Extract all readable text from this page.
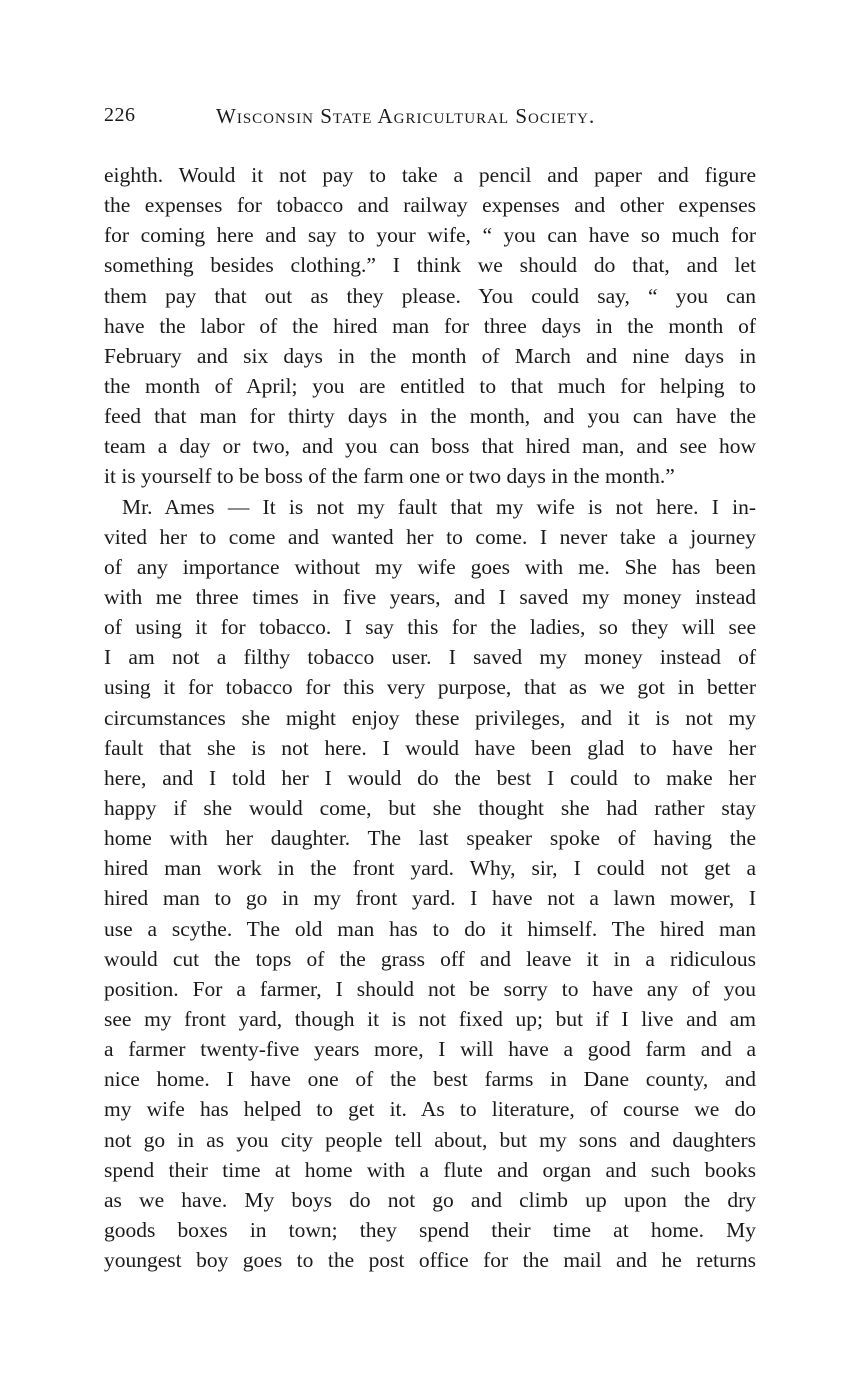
226	Wisconsin State Agricultural Society.
eighth. Would it not pay to take a pencil and paper and figure
the expenses for tobacco and railway expenses and other expenses
for coming here and say to your wife, “ you can have so much for
something besides clothing.” I think we should do that, and let
them pay that out as they please. You could say, “ you can
have the labor of the hired man for three days in the month of
February and six days in the month of March and nine days in
the month of April; you are entitled to that much for helping to
feed that man for thirty days in the month, and you can have the
team a day or two, and you can boss that hired man, and see how
it is yourself to be boss of the farm one or two days in the month.”
Mr. Ames — It is not my fault that my wife is not here. I in-
vited her to come and wanted her to come. I never take a journey
of any importance without my wife goes with me. She has been
with me three times in five years, and I saved my money instead
of using it for tobacco. I say this for the ladies, so they will see
I am not a filthy tobacco user. I saved my money instead of
using it for tobacco for this very purpose, that as we got in better
circumstances she might enjoy these privileges, and it is not my
fault that she is not here. I would have been glad to have her
here, and I told her I would do the best I could to make her
happy if she would come, but she thought she had rather stay
home with her daughter. The last speaker spoke of having the
hired man work in the front yard. Why, sir, I could not get a
hired man to go in my front yard. I have not a lawn mower, I
use a scythe. The old man has to do it himself. The hired man
would cut the tops of the grass off and leave it in a ridiculous
position. For a farmer, I should not be sorry to have any of you
see my front yard, though it is not fixed up; but if I live and am
a farmer twenty-five years more, I will have a good farm and a
nice home. I have one of the best farms in Dane county, and
my wife has helped to get it. As to literature, of course we do
not go in as you city people tell about, but my sons and daughters
spend their time at home with a flute and organ and such books
as we have. My boys do not go and climb up upon the dry
goods boxes in town; they spend their time at home. My
youngest boy goes to the post office for the mail and he returns
